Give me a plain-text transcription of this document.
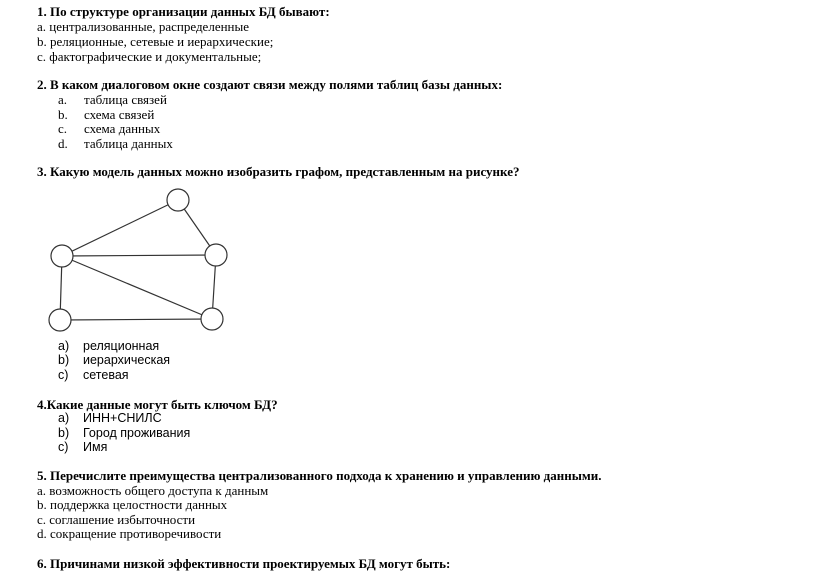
1. По структуре организации данных БД бывают:
a. централизованные, распределенные
b. реляционные, сетевые и иерархические;
c. фактографические и документальные;
2. В каком диалоговом окне создают связи между полями таблиц базы данных:
a. таблица связей
b. схема связей
c. схема данных
d. таблица данных
3. Какую модель данных можно изобразить графом, представленным на рисунке?
a) реляционная
b) иерархическая
c) сетевая
4.Какие данные могут быть ключом БД?
a) ИНН+СНИЛС
b) Город проживания
c) Имя
5. Перечислите преимущества централизованного подхода к хранению и управлению данными.
a. возможность общего доступа к данным
b. поддержка целостности данных
c. соглашение избыточности
d. сокращение противоречивости
6. Причинами низкой эффективности проектируемых БД могут быть:
